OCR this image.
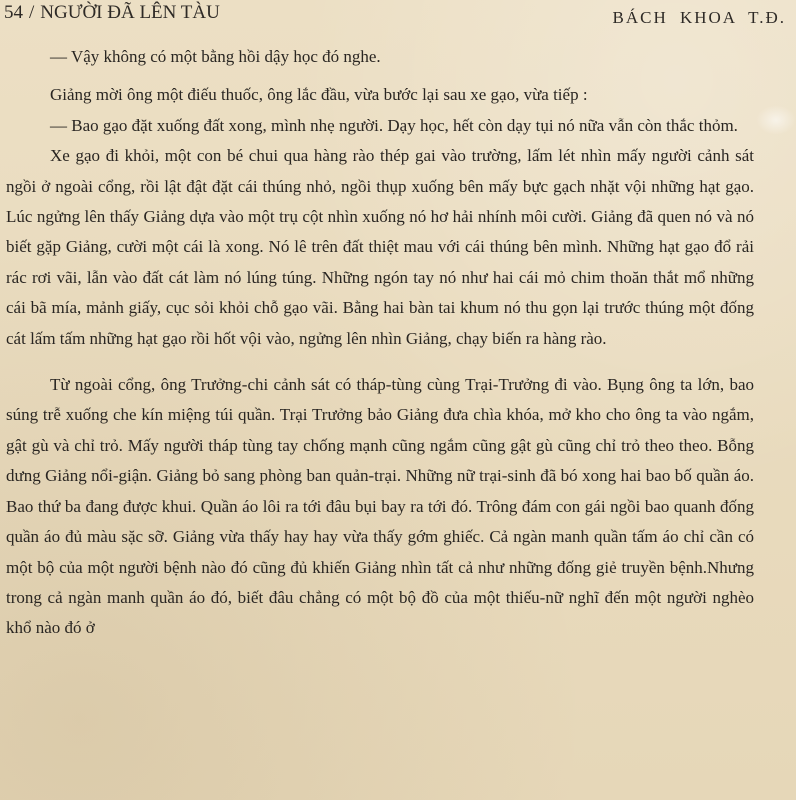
54 / NGƯỜI ĐÃ LÊN TÀU	BÁCH KHOA T.Đ.

— Vậy không có một bằng hồi dậy học đó nghe.

Giảng mời ông một điếu thuốc, ông lắc đầu, vừa bước lại sau xe gạo, vừa tiếp :

— Bao gạo đặt xuống đất xong, mình nhẹ người. Dạy học, hết còn dạy tụi nó nữa vẫn còn thắc thỏm.

Xe gạo đi khỏi, một con bé chui qua hàng rào thép gai vào trường, lấm lét nhìn mấy người cảnh sát ngồi ở ngoài cổng, rồi lật đật đặt cái thúng nhỏ, ngồi thụp xuống bên mấy bực gạch nhặt vội những hạt gạo. Lúc ngửng lên thấy Giảng dựa vào một trụ cột nhìn xuống nó hơ hải nhính môi cười. Giảng đã quen nó và nó biết gặp Giảng, cười một cái là xong. Nó lê trên đất thiệt mau với cái thúng bên mình. Những hạt gạo đổ rải rác rơi vãi, lẫn vào đất cát làm nó lúng túng. Những ngón tay nó như hai cái mỏ chim thoăn thắt mổ những cái bã mía, mảnh giấy, cục sỏi khỏi chỗ gạo vãi. Bằng hai bàn tai khum nó thu gọn lại trước thúng một đống cát lấm tấm những hạt gạo rồi hốt vội vào, ngửng lên nhìn Giảng, chạy biến ra hàng rào.

Từ ngoài cổng, ông Trưởng-chi cảnh sát có tháp-tùng cùng Trại-Trưởng đi vào. Bụng ông ta lớn, bao súng trễ xuống che kín miệng túi quần. Trại Trưởng bảo Giảng đưa chìa khóa, mở kho cho ông ta vào ngắm, gật gù và chỉ trỏ. Mấy người tháp tùng tay chống mạnh cũng ngắm cũng gật gù cũng chỉ trỏ theo theo. Bỗng dưng Giảng nổi-giận. Giảng bỏ sang phòng ban quản-trại. Những nữ trại-sinh đã bó xong hai bao bố quần áo. Bao thứ ba đang được khui. Quần áo lôi ra tới đâu bụi bay ra tới đó. Trông đám con gái ngồi bao quanh đống quần áo đủ màu sặc sỡ. Giảng vừa thấy hay hay vừa thấy gớm ghiếc. Cả ngàn manh quần tấm áo chỉ cần có một bộ của một người bệnh nào đó cũng đủ khiến Giảng nhìn tất cả như những đống giẻ truyền bệnh.Nhưng trong cả ngàn manh quần áo đó, biết đâu chẳng có một bộ đồ của một thiếu-nữ nghĩ đến một người nghèo khổ nào đó ở
